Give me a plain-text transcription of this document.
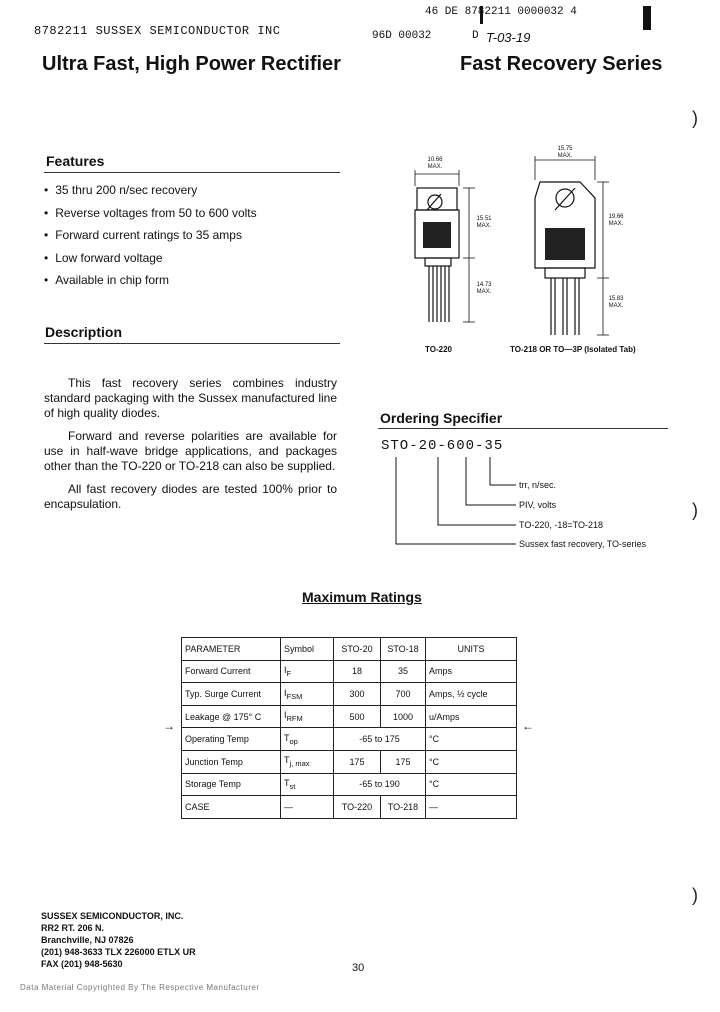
46 DE 8782211 0000032 4
8782211 SUSSEX SEMICONDUCTOR INC	96D 00032	D T-03-19
Ultra Fast, High Power Rectifier	Fast Recovery Series
Features
• 35 thru 200 n/sec recovery
• Reverse voltages from 50 to 600 volts
• Forward current ratings to 35 amps
• Low forward voltage
• Available in chip form
Description

This fast recovery series combines industry standard packaging with the Sussex manufactured line of high quality diodes.

Forward and reverse polarities are available for use in half-wave bridge applications, and packages other than the TO-220 or TO-218 can also be supplied.

All fast recovery diodes are tested 100% prior to encapsulation.

10.66 MAX.
15.51 MAX.
14.73 MAX.
15.75 MAX.
19.66 MAX.
15.83 MAX.
TO-220	TO-218 OR TO—3P (Isolated Tab)
Ordering Specifier
STO-20-600-35
trr, n/sec.
PIV, volts
TO-220, -18=TO-218
Sussex fast recovery, TO-series
Maximum Ratings
PARAMETER	Symbol	STO-20	STO-18	UNITS
Forward Current	$I_F$	18	35	Amps
Typ. Surge Current	$I_{FSM}$	300	700	Amps, ½ cycle
Leakage @ 175° C	$I_{RFM}$	500	1000	u/Amps
Operating Temp	$T_{op}$	-65 to 175		°C
Junction Temp	$T_{j, max}$	175	175	°C
Storage Temp	$T_{st}$	-65 to 190		°C
CASE	—	TO-220	TO-218	—
→	←
)
)
)
SUSSEX SEMICONDUCTOR, INC.
RR2 RT. 206 N.
Branchville, NJ 07826
(201) 948-3633 TLX 226000 ETLX UR
FAX (201) 948-5630	30
Data Material Copyrighted By The Respective Manufacturer
